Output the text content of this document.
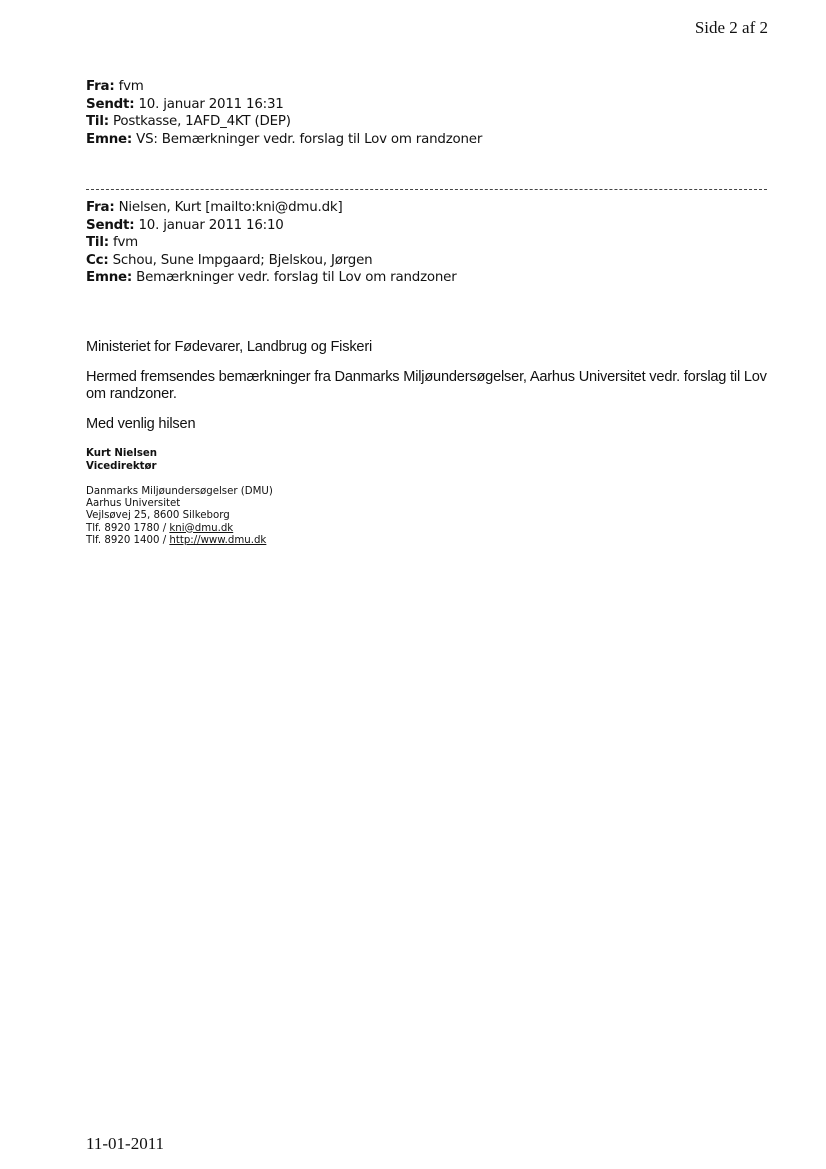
Side 2 af 2
Fra: fvm
Sendt: 10. januar 2011 16:31
Til: Postkasse, 1AFD_4KT (DEP)
Emne: VS: Bemærkninger vedr. forslag til Lov om randzoner
Fra: Nielsen, Kurt [mailto:kni@dmu.dk]
Sendt: 10. januar 2011 16:10
Til: fvm
Cc: Schou, Sune Impgaard; Bjelskou, Jørgen
Emne: Bemærkninger vedr. forslag til Lov om randzoner
Ministeriet for Fødevarer, Landbrug og Fiskeri
Hermed fremsendes bemærkninger fra Danmarks Miljøundersøgelser, Aarhus Universitet vedr. forslag til Lov om randzoner.
Med venlig hilsen
Kurt Nielsen
Vicedirektør
Danmarks Miljøundersøgelser (DMU)
Aarhus Universitet
Vejlsøvej 25, 8600 Silkeborg
Tlf. 8920 1780 / kni@dmu.dk
Tlf. 8920 1400 / http://www.dmu.dk
11-01-2011
